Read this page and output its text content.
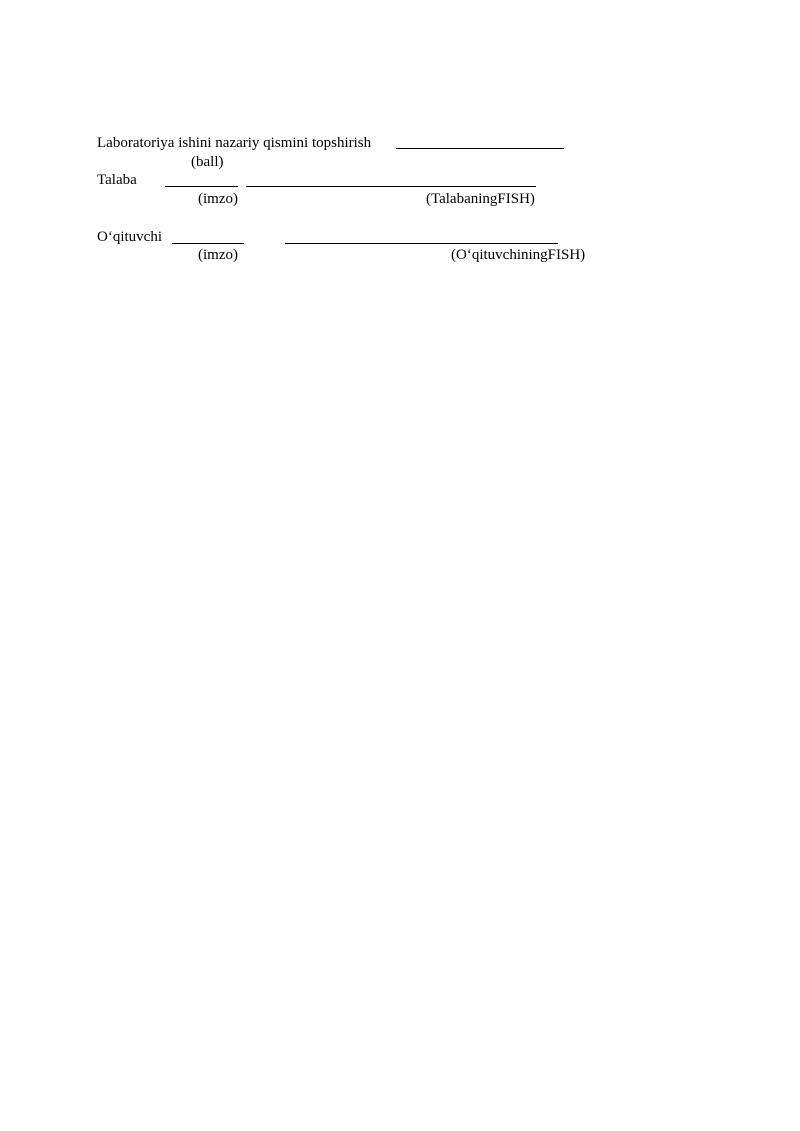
Laboratoriya ishini nazariy qismini topshirish
(ball)
Talaba
(imzo)	(TalabaningFISH)
O‘qituvchi
(imzo)	(O‘qituvchiningFISH)
